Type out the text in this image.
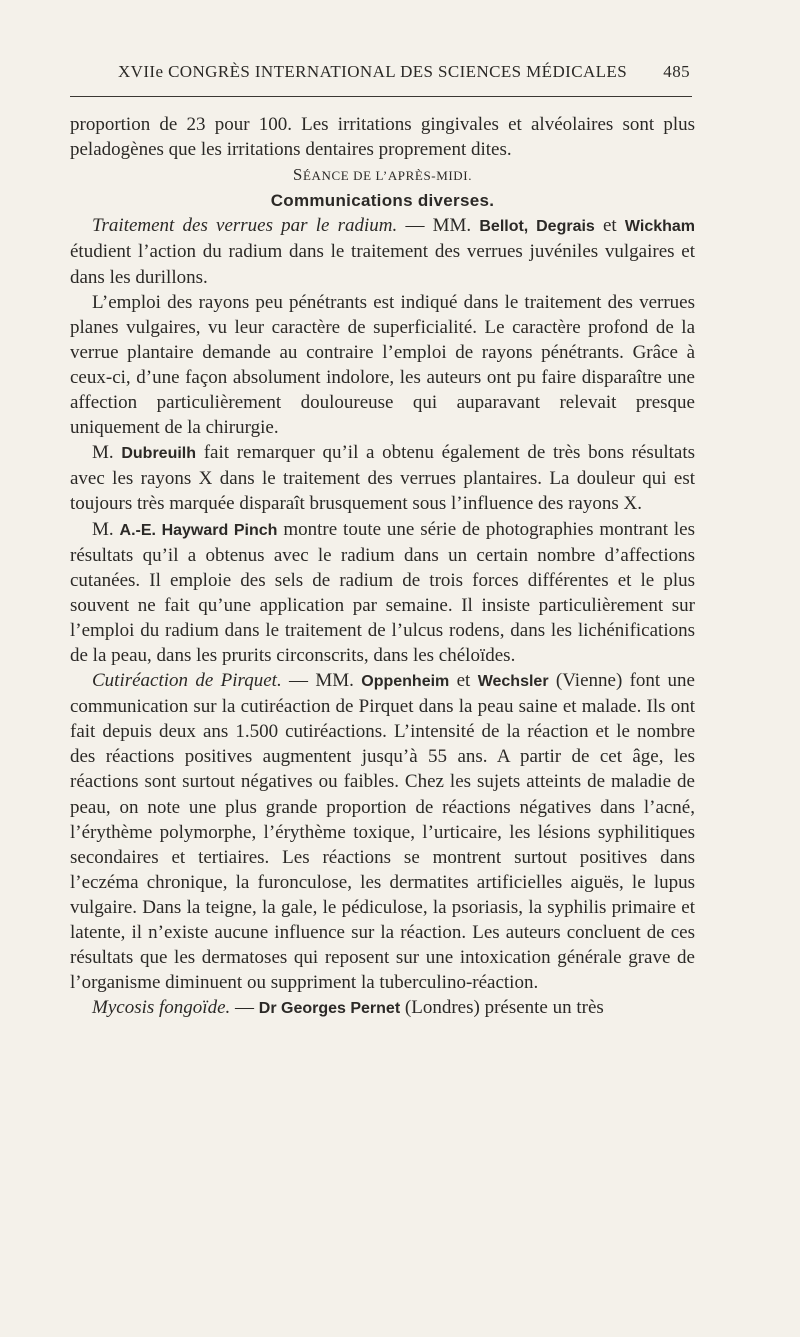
XVIIe CONGRÈS INTERNATIONAL DES SCIENCES MÉDICALES 485

proportion de 23 pour 100. Les irritations gingivales et alvéolaires sont plus peladogènes que les irritations dentaires proprement dites.

SÉANCE DE L’APRÈS-MIDI.

Communications diverses.

Traitement des verrues par le radium. — MM. Bellot, Degrais et Wickham étudient l’action du radium dans le traitement des verrues juvéniles vulgaires et dans les durillons.

L’emploi des rayons peu pénétrants est indiqué dans le traitement des verrues planes vulgaires, vu leur caractère de superficialité. Le caractère profond de la verrue plantaire demande au contraire l’emploi de rayons pénétrants. Grâce à ceux-ci, d’une façon absolument indolore, les auteurs ont pu faire disparaître une affection particulièrement douloureuse qui auparavant relevait presque uniquement de la chirurgie.

M. Dubreuilh fait remarquer qu’il a obtenu également de très bons résultats avec les rayons X dans le traitement des verrues plantaires. La douleur qui est toujours très marquée disparaît brusquement sous l’influence des rayons X.

M. A.-E. Hayward Pinch montre toute une série de photographies montrant les résultats qu’il a obtenus avec le radium dans un certain nombre d’affections cutanées. Il emploie des sels de radium de trois forces différentes et le plus souvent ne fait qu’une application par semaine. Il insiste particulièrement sur l’emploi du radium dans le traitement de l’ulcus rodens, dans les lichénifications de la peau, dans les prurits circonscrits, dans les chéloïdes.

Cutiréaction de Pirquet. — MM. Oppenheim et Wechsler (Vienne) font une communication sur la cutiréaction de Pirquet dans la peau saine et malade. Ils ont fait depuis deux ans 1.500 cutiréactions. L’intensité de la réaction et le nombre des réactions positives augmentent jusqu’à 55 ans. A partir de cet âge, les réactions sont surtout négatives ou faibles. Chez les sujets atteints de maladie de peau, on note une plus grande proportion de réactions négatives dans l’acné, l’érythème polymorphe, l’érythème toxique, l’urticaire, les lésions syphilitiques secondaires et tertiaires. Les réactions se montrent surtout positives dans l’eczéma chronique, la furonculose, les dermatites artificielles aiguës, le lupus vulgaire. Dans la teigne, la gale, le pédiculose, la psoriasis, la syphilis primaire et latente, il n’existe aucune influence sur la réaction. Les auteurs concluent de ces résultats que les dermatoses qui reposent sur une intoxication générale grave de l’organisme diminuent ou suppriment la tuberculino-réaction.

Mycosis fongoïde. — Dr Georges Pernet (Londres) présente un très
